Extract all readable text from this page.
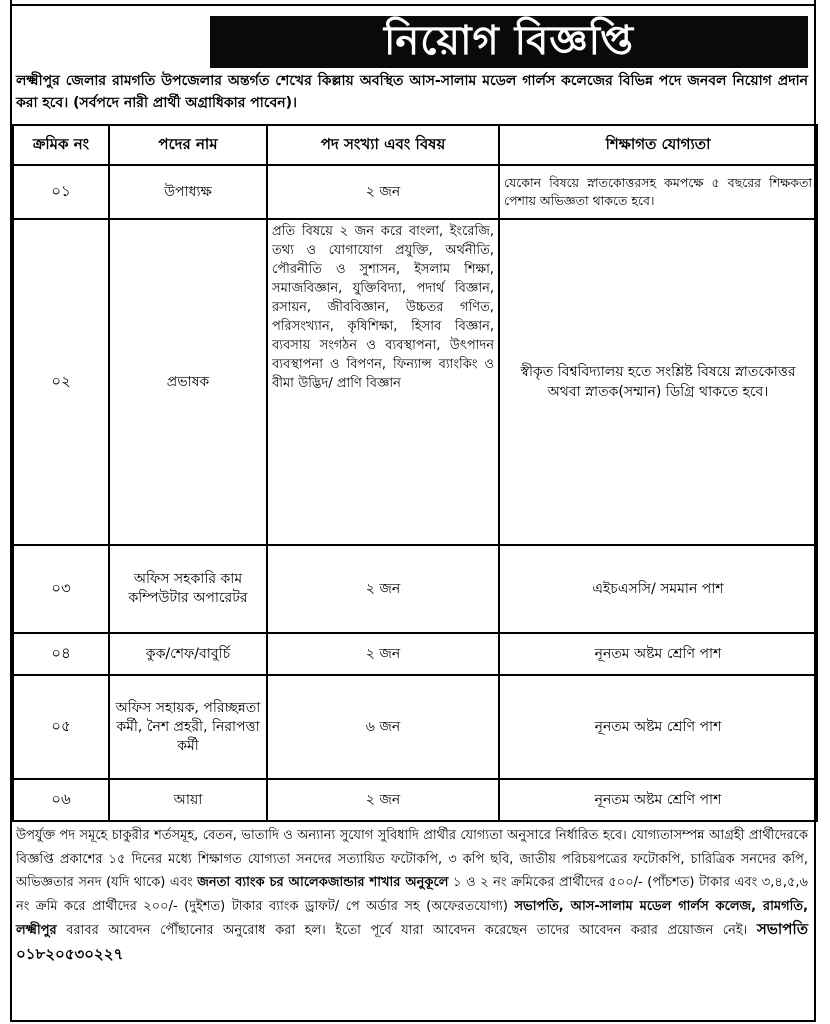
নিয়োগ বিজ্ঞপ্তি
লক্ষ্মীপুর জেলার রামগতি উপজেলার অন্তর্গত শেখের কিল্লায় অবস্থিত আস-সালাম মডেল গার্লস কলেজের বিভিন্ন পদে জনবল নিয়োগ প্রদান করা হবে। (সর্বপদে নারী প্রার্থী অগ্রাধিকার পাবেন)।
ক্রমিক নং	পদের নাম	পদ সংখ্যা এবং বিষয়	শিক্ষাগত যোগ্যতা
০১	উপাধ্যক্ষ	২ জন	যেকোন বিষয়ে স্নাতকোত্তরসহ কমপক্ষে ৫ বছরের শিক্ষকতা পেশায় অভিজ্ঞতা থাকতে হবে।
০২	প্রভাষক	প্রতি বিষয়ে ২ জন করে বাংলা, ইংরেজি, তথ্য ও যোগাযোগ প্রযুক্তি, অর্থনীতি, পৌরনীতি ও সুশাসন, ইসলাম শিক্ষা, সমাজবিজ্ঞান, যুক্তিবিদ্যা, পদার্থ বিজ্ঞান, রসায়ন, জীববিজ্ঞান, উচ্চতর গণিত, পরিসংখ্যান, কৃষিশিক্ষা, হিসাব বিজ্ঞান, ব্যবসায় সংগঠন ও ব্যবস্থাপনা, উৎপাদন ব্যবস্থাপনা ও বিপণন, ফিন্যান্স ব্যাংকিং ও বীমা উদ্ভিদ/ প্রাণি বিজ্ঞান	স্বীকৃত বিশ্ববিদ্যালয় হতে সংশ্লিষ্ট বিষয়ে স্নাতকোত্তর অথবা স্নাতক(সম্মান) ডিগ্রি থাকতে হবে।
০৩	অফিস সহকারি কাম কম্পিউটার অপারেটর	২ জন	এইচএসসি/ সমমান পাশ
০৪	কুক/শেফ/বাবুর্চি	২ জন	নূনতম অষ্টম শ্রেণি পাশ
০৫	অফিস সহায়ক, পরিচ্ছন্নতা কর্মী, নৈশ প্রহরী, নিরাপত্তা কর্মী	৬ জন	নূনতম অষ্টম শ্রেণি পাশ
০৬	আয়া	২ জন	নূনতম অষ্টম শ্রেণি পাশ
উপর্যুক্ত পদ সমূহে চাকুরীর শর্তসমূহ, বেতন, ভাতাদি ও অন্যান্য সুযোগ সুবিধাদি প্রার্থীর যোগ্যতা অনুসারে নির্ধারিত হবে। যোগ্যতাসম্পন্ন আগ্রহী প্রার্থীদেরকে বিজ্ঞপ্তি প্রকাশের ১৫ দিনের মধ্যে শিক্ষাগত যোগ্যতা সনদের সত্যায়িত ফটোকপি, ৩ কপি ছবি, জাতীয় পরিচয়পত্রের ফটোকপি, চারিত্রিক সনদের কপি, অভিজ্ঞতার সনদ (যদি থাকে) এবং জনতা ব্যাংক চর আলেকজান্ডার শাখার অনুকূলে ১ ও ২ নং ক্রমিকের প্রার্থীদের ৫০০/- (পাঁচশত) টাকার এবং ৩,৪,৫,৬ নং ক্রমি করে প্রার্থীদের ২০০/- (দুইশত) টাকার ব্যাংক ড্রাফট/ পে অর্ডার সহ (অফেরতযোগ্য) সভাপতি, আস-সালাম মডেল গার্লস কলেজ, রামগতি, লক্ষ্মীপুর বরাবর আবেদন পৌঁছানোর অনুরোধ করা হল। ইতো পূর্বে যারা আবেদন করেছেন তাদের আবেদন করার প্রয়োজন নেই। সভাপতি ০১৮২০৫৩০২২৭
